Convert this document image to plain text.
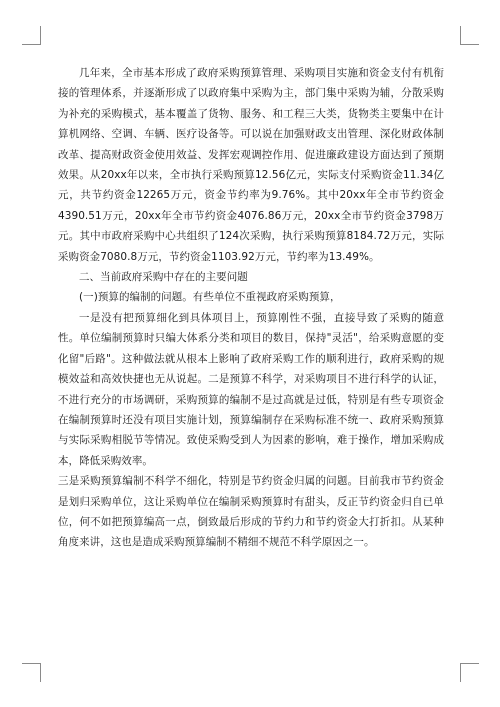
几年来，全市基本形成了政府采购预算管理、采购项目实施和资金支付有机衔接的管理体系，并逐渐形成了以政府集中采购为主，部门集中采购为辅，分散采购为补充的采购模式，基本覆盖了货物、服务、和工程三大类，货物类主要集中在计算机网络、空调、车辆、医疗设备等。可以说在加强财政支出管理、深化财政体制改革、提高财政资金使用效益、发挥宏观调控作用、促进廉政建设方面达到了预期效果。从20xx年以来，全市执行采购预算12.56亿元，实际支付采购资金11.34亿元，共节约资金12265万元，资金节约率为9.76%。其中20xx年全市节约资金4390.51万元，20xx年全市节约资金4076.86万元，20xx全市节约资金3798万元。其中市政府采购中心共组织了124次采购，执行采购预算8184.72万元，实际采购资金7080.8万元，节约资金1103.92万元，节约率为13.49%。

二、当前政府采购中存在的主要问题

(一)预算的编制的问题。有些单位不重视政府采购预算，

一是没有把预算细化到具体项目上，预算刚性不强，直接导致了采购的随意性。单位编制预算时只编大体系分类和项目的数目，保持"灵活"，给采购意愿的变化留"后路"。这种做法就从根本上影响了政府采购工作的顺利进行，政府采购的规模效益和高效快捷也无从说起。二是预算不科学，对采购项目不进行科学的认证，不进行充分的市场调研，采购预算的编制不是过高就是过低，特别是有些专项资金在编制预算时还没有项目实施计划，预算编制存在采购标准不统一、政府采购预算与实际采购相脱节等情况。致使采购受到人为因素的影响，难于操作，增加采购成本，降低采购效率。

三是采购预算编制不科学不细化，特别是节约资金归属的问题。目前我市节约资金是划归采购单位，这让采购单位在编制采购预算时有甜头，反正节约资金归自已单位，何不如把预算编高一点，倒致最后形成的节约力和节约资金大打折扣。从某种角度来讲，这也是造成采购预算编制不精细不规范不科学原因之一。
